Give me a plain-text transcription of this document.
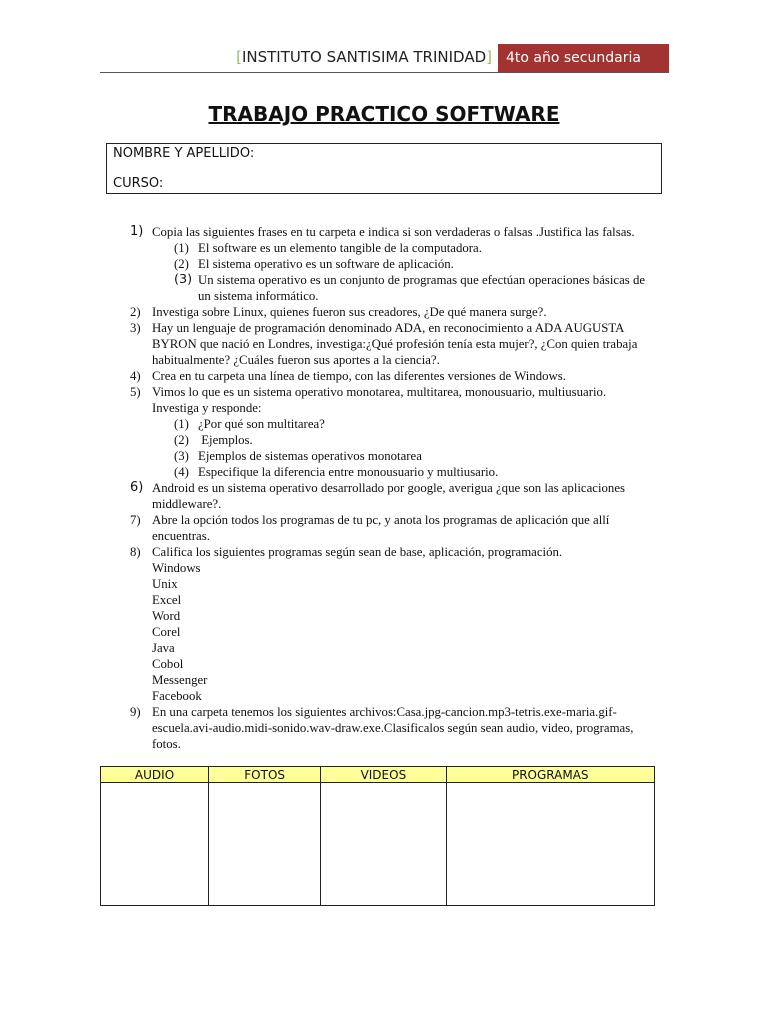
[INSTITUTO SANTISIMA TRINIDAD]	4to año secundaria
TRABAJO PRACTICO SOFTWARE
NOMBRE Y APELLIDO:
CURSO:
1) Copia las siguientes frases en tu carpeta e indica si son verdaderas o falsas .Justifica las falsas.
(1) El software es un elemento tangible de la computadora.
(2) El sistema operativo es un software de aplicación.
(3) Un sistema operativo es un conjunto de programas que efectúan operaciones básicas de un sistema informático.
2) Investiga sobre Linux, quienes fueron sus creadores, ¿De qué manera surge?.
3) Hay un lenguaje de programación denominado ADA, en reconocimiento a ADA AUGUSTA BYRON que nació en Londres, investiga:¿Qué profesión tenía esta mujer?, ¿Con quien trabaja habitualmente? ¿Cuáles fueron sus aportes a la ciencia?.
4) Crea en tu carpeta una línea de tiempo, con las diferentes versiones de Windows.
5) Vimos lo que es un sistema operativo monotarea, multitarea, monousuario, multiusuario. Investiga y responde:
(1) ¿Por qué son multitarea?
(2) Ejemplos.
(3) Ejemplos de sistemas operativos monotarea
(4) Especifique la diferencia entre monousuario y multiusario.
6) Android es un sistema operativo desarrollado por google, averigua ¿que son las aplicaciones middleware?.
7) Abre la opción todos los programas de tu pc, y anota los programas de aplicación que allí encuentras.
8) Califica los siguientes programas según sean de base, aplicación, programación.
Windows
Unix
Excel
Word
Corel
Java
Cobol
Messenger
Facebook
9) En una carpeta tenemos los siguientes archivos:Casa.jpg-cancion.mp3-tetris.exe-maria.gif-escuela.avi-audio.midi-sonido.wav-draw.exe.Clasificalos según sean audio, video, programas, fotos.
AUDIO	FOTOS	VIDEOS	PROGRAMAS
